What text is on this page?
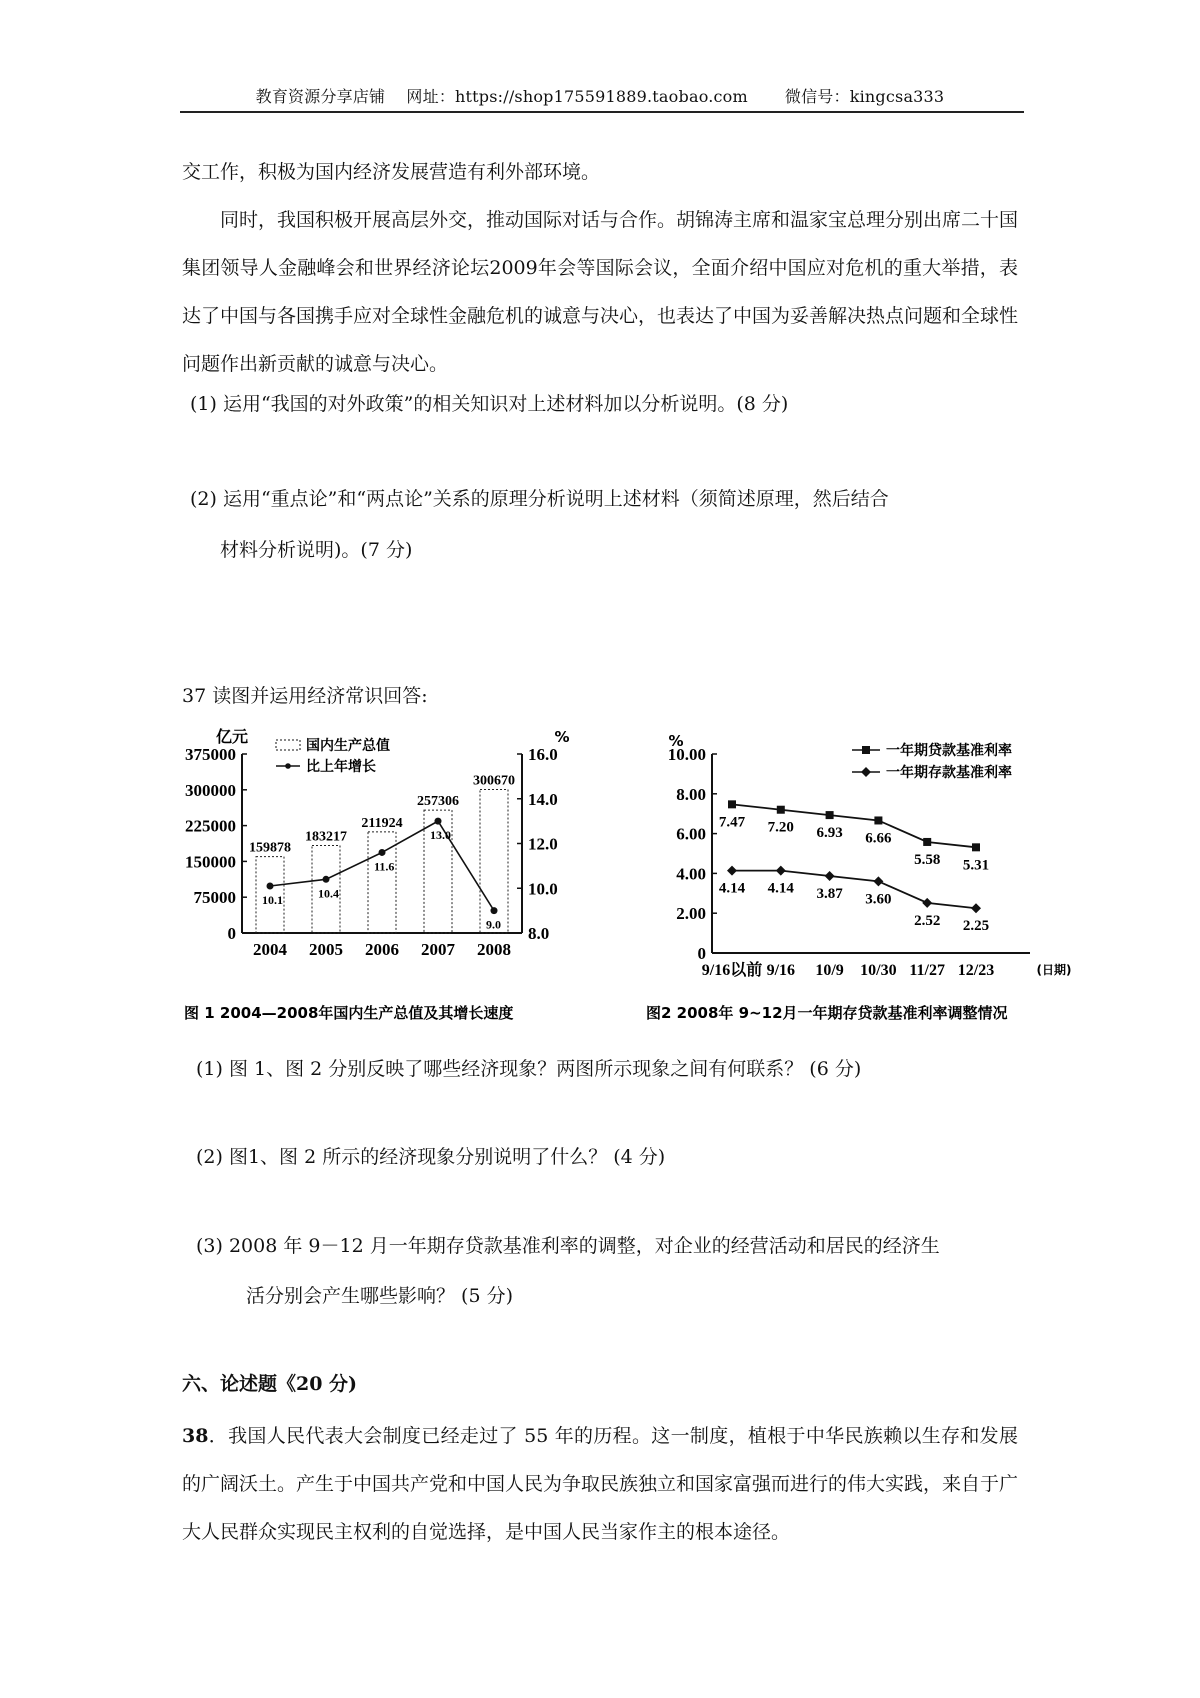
教育资源分享店铺 网址：https://shop175591889.taobao.com 微信号：kingcsa333
交工作，积极为国内经济发展营造有利外部环境。
同时，我国积极开展高层外交，推动国际对话与合作。胡锦涛主席和温家宝总理分别出席二十国集团领导人金融峰会和世界经济论坛2009年会等国际会议，全面介绍中国应对危机的重大举措，表达了中国与各国携手应对全球性金融危机的诚意与决心，也表达了中国为妥善解决热点问题和全球性问题作出新贡献的诚意与决心。
(1) 运用“我国的对外政策”的相关知识对上述材料加以分析说明。(8 分)
(2) 运用“重点论”和“两点论”关系的原理分析说明上述材料（须简述原理，然后结合
材料分析说明)。(7 分)
37 读图并运用经济常识回答:
亿元	%
0
75000
150000
225000
300000
375000
8.0
10.0
12.0
14.0
16.0
2004 2005 2006 2007 2008
国内生产总值
比上年增长
159878
183217
211924
257306
300670
10.1	10.4
11.6
13.0
9.0
图 1 2004—2008年国内生产总值及其增长速度
%
0
2.00
4.00
6.00
8.00
10.00
9/16以前 9/16 10/9 10/30 11/27 12/23
一年期贷款基准利率
一年期存款基准利率
7.47 7.20 6.93 6.66
5.58 5.31
4.14 4.14 3.87 3.60
2.52 2.25
(日期)
图2 2008年 9~12月一年期存贷款基准利率调整情况
(1) 图 1、图 2 分别反映了哪些经济现象？两图所示现象之间有何联系？ (6 分)
(2) 图1、图 2 所示的经济现象分别说明了什么？ (4 分)
(3) 2008 年 9－12 月一年期存贷款基准利率的调整，对企业的经营活动和居民的经济生
活分别会产生哪些影响？ (5 分)
六、论述题《20 分)
38．我国人民代表大会制度已经走过了 55 年的历程。这一制度，植根于中华民族赖以生存和发展的广阔沃土。产生于中国共产党和中国人民为争取民族独立和国家富强而进行的伟大实践，来自于广大人民群众实现民主权利的自觉选择，是中国人民当家作主的根本途径。
